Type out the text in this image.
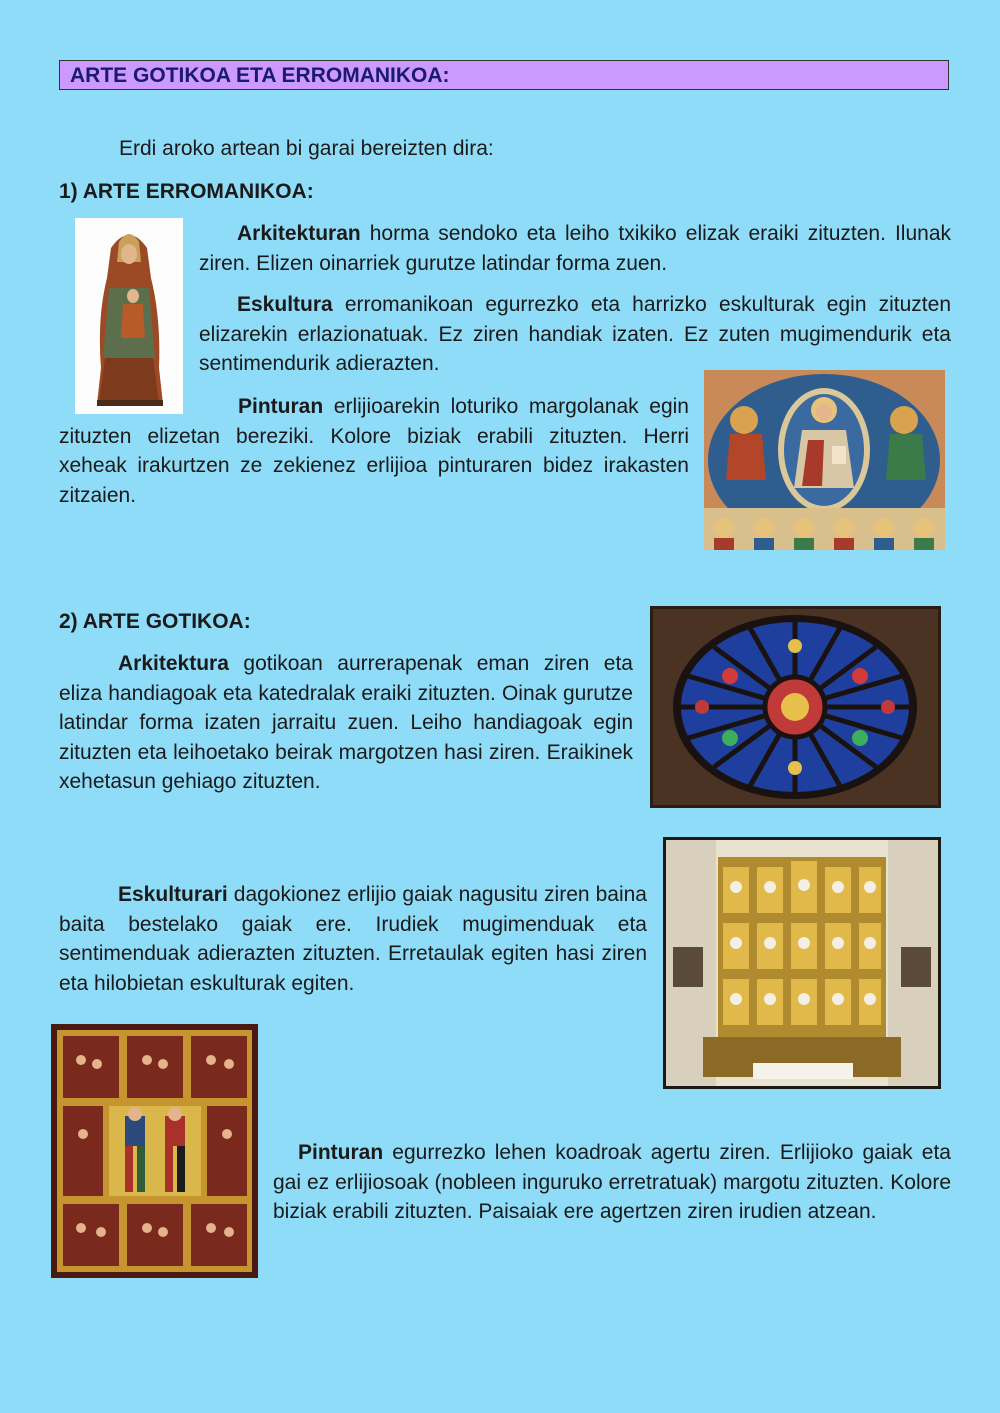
ARTE GOTIKOA ETA ERROMANIKOA:
Erdi aroko artean bi garai bereizten dira:
1) ARTE ERROMANIKOA:

Arkitekturan horma sendoko eta leiho txikiko elizak eraiki zituzten. Ilunak ziren. Elizen oinarriek gurutze latindar forma zuen.

Eskultura erromanikoan egurrezko eta harrizko eskulturak egin zituzten elizarekin erlazionatuak. Ez ziren handiak izaten. Ez zuten mugimendurik eta sentimendurik adierazten.

Pinturan erlijioarekin loturiko margolanak egin zituzten elizetan bereziki. Kolore biziak erabili zituzten. Herri xeheak irakurtzen ze zekienez erlijioa pinturaren bidez irakasten zitzaien.

2) ARTE GOTIKOA:

Arkitektura gotikoan aurrerapenak eman ziren eta eliza handiagoak eta katedralak eraiki zituzten. Oinak gurutze latindar forma izaten jarraitu zuen. Leiho handiagoak egin zituzten eta leihoetako beirak margotzen hasi ziren. Eraikinek xehetasun gehiago zituzten.

Eskulturari dagokionez erlijio gaiak nagusitu ziren baina baita bestelako gaiak ere. Irudiek mugimenduak eta sentimenduak adierazten zituzten. Erretaulak egiten hasi ziren eta hilobietan eskulturak egiten.

Pinturan egurrezko lehen koadroak agertu ziren. Erlijioko gaiak eta gai ez erlijiosoak (nobleen inguruko erretratuak) margotu zituzten. Kolore biziak erabili zituzten. Paisaiak ere agertzen ziren irudien atzean.
